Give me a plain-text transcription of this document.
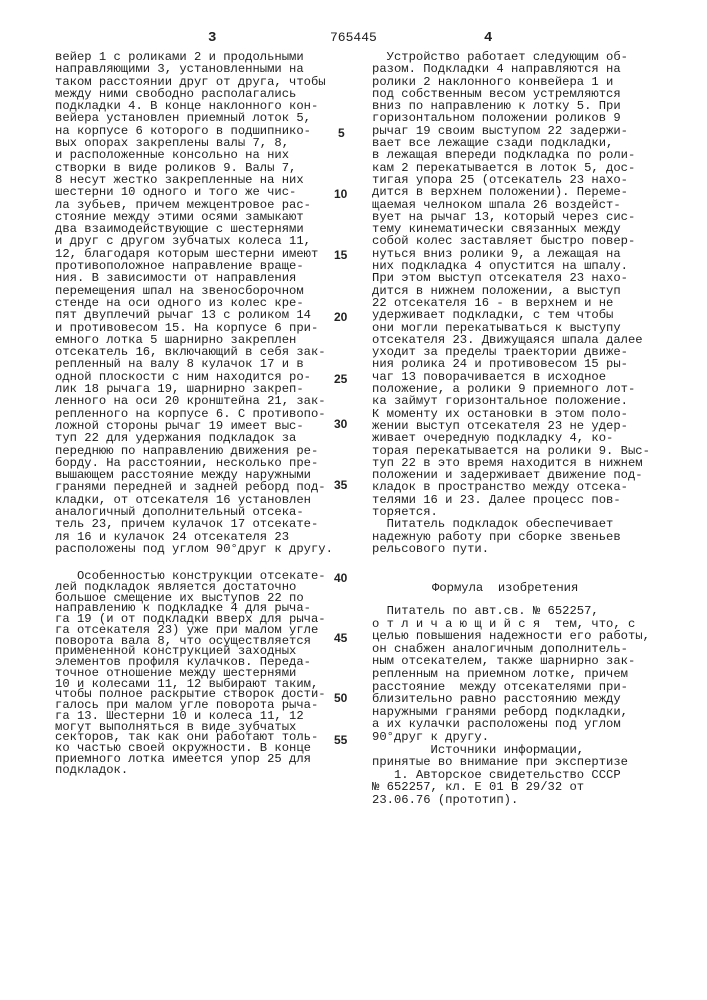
3	765445	4
вейер 1 с роликами 2 и продольными
направляющими 3, установленными на
таком расстоянии друг от друга, чтобы
между ними свободно располагались
подкладки 4. В конце наклонного кон-
вейера установлен приемный лоток 5,
на корпусе 6 которого в подшипнико-
вых опорах закреплены валы 7, 8,
и расположенные консольно на них
створки в виде роликов 9. Валы 7,
8 несут жестко закрепленные на них
шестерни 10 одного и того же чис-
ла зубьев, причем межцентровое рас-
стояние между этими осями замыкают
два взаимодействующие с шестернями
и друг с другом зубчатых колеса 11,
12, благодаря которым шестерни имеют
противоположное направление враще-
ния. В зависимости от направления
перемещения шпал на звеносборочном
стенде на оси одного из колес кре-
пят двуплечий рычаг 13 с роликом 14
и противовесом 15. На корпусе 6 при-
емного лотка 5 шарнирно закреплен
отсекатель 16, включающий в себя зак-
репленный на валу 8 кулачок 17 и в
одной плоскости с ним находится ро-
лик 18 рычага 19, шарнирно закреп-
ленного на оси 20 кронштейна 21, зак-
репленного на корпусе 6. С противопо-
ложной стороны рычаг 19 имеет выс-
туп 22 для удержания подкладок за
переднюю по направлению движения ре-
борду. На расстоянии, несколько пре-
вышающем расстояние между наружными
гранями передней и задней реборд под-
кладки, от отсекателя 16 установлен
аналогичный дополнительный отсека-
тель 23, причем кулачок 17 отсекате-
ля 16 и кулачок 24 отсекателя 23
расположены под углом 90°друг к другу.
Особенностью конструкции отсекате-
лей подкладок является достаточно
большое смещение их выступов 22 по
направлению к подкладке 4 для рыча-
га 19 (и от подкладки вверх для рыча-
га отсекателя 23) уже при малом угле
поворота вала 8, что осуществляется
примененной конструкцией заходных
элементов профиля кулачков. Переда-
точное отношение между шестернями
10 и колесами 11, 12 выбирают таким,
чтобы полное раскрытие створок дости-
галось при малом угле поворота рыча-
га 13. Шестерни 10 и колеса 11, 12
могут выполняться в виде зубчатых
секторов, так как они работают толь-
ко частью своей окружности. В конце
приемного лотка имеется упор 25 для
подкладок.
Устройство работает следующим об-
разом. Подкладки 4 направляются на
ролики 2 наклонного конвейера 1 и
под собственным весом устремляются
вниз по направлению к лотку 5. При
горизонтальном положении роликов 9
рычаг 19 своим выступом 22 задержи-
вает все лежащие сзади подкладки,
в лежащая впереди подкладка по роли-
кам 2 перекатывается в лоток 5, дос-
тигая упора 25 (отсекатель 23 нахо-
дится в верхнем положении). Переме-
щаемая челноком шпала 26 воздейст-
вует на рычаг 13, который через сис-
тему кинематически связанных между
собой колес заставляет быстро повер-
нуться вниз ролики 9, а лежащая на
них подкладка 4 опустится на шпалу.
При этом выступ отсекателя 23 нахо-
дится в нижнем положении, а выступ
22 отсекателя 16 - в верхнем и не
удерживает подкладки, с тем чтобы
они могли перекатываться к выступу
отсекателя 23. Движущаяся шпала далее
уходит за пределы траектории движе-
ния ролика 24 и противовесом 15 ры-
чаг 13 поворачивается в исходное
положение, а ролики 9 приемного лот-
ка займут горизонтальное положение.
К моменту их остановки в этом поло-
жении выступ отсекателя 23 не удер-
живает очередную подкладку 4, ко-
торая перекатывается на ролики 9. Выс-
туп 22 в это время находится в нижнем
положении и задерживает движение под-
кладок в пространство между отсека-
телями 16 и 23. Далее процесс пов-
торяется.
Питатель подкладок обеспечивает
надежную работу при сборке звеньев
рельсового пути.
Формула  изобретения
Питатель по авт.св. № 652257,
о т л и ч а ю щ и й с я  тем, что, с
целью повышения надежности его работы,
он снабжен аналогичным дополнитель-
ным отсекателем, также шарнирно зак-
репленным на приемном лотке, причем
расстояние  между отсекателями при-
близительно равно расстоянию между
наружными гранями реборд подкладки,
а их кулачки расположены под углом
90°друг к другу.
Источники информации,
принятые во внимание при экспертизе
1. Авторское свидетельство СССР
№ 652257, кл. Е 01 В 29/32 от
23.06.76 (прототип).
5
10
15
20
25
30
35
40
45
50
55
